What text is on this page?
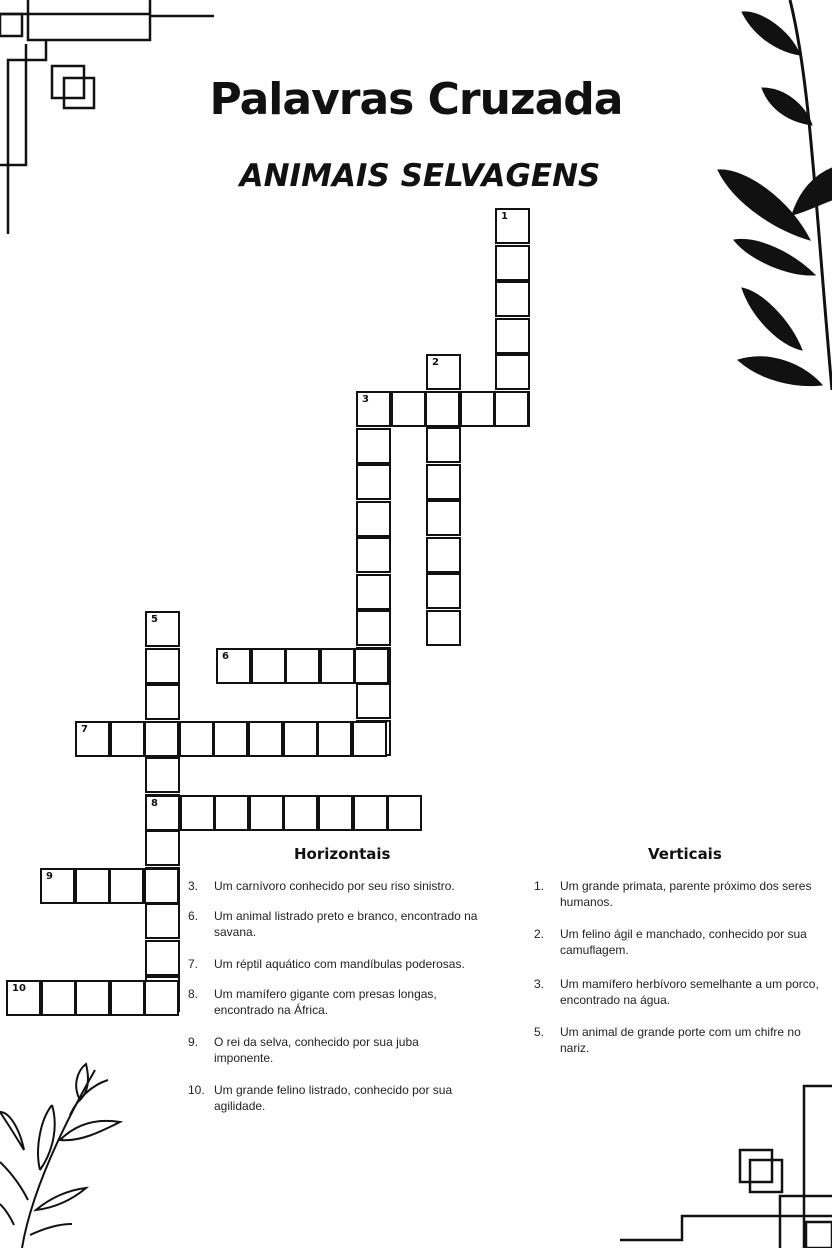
Palavras Cruzada
ANIMAIS SELVAGENS
1
2
3
5
6
7
8
9
10
Horizontais
3.	Um carnívoro conhecido por seu riso sinistro.
6.	Um animal listrado preto e branco, encontrado na savana.
7.	Um réptil aquático com mandíbulas poderosas.
8.	Um mamífero gigante com presas longas, encontrado na África.
9.	O rei da selva, conhecido por sua juba imponente.
10. Um grande felino listrado, conhecido por sua agilidade.
Verticais
1.	Um grande primata, parente próximo dos seres humanos.
2.	Um felino ágil e manchado, conhecido por sua camuflagem.
3.	Um mamífero herbívoro semelhante a um porco, encontrado na água.
5.	Um animal de grande porte com um chifre no nariz.
